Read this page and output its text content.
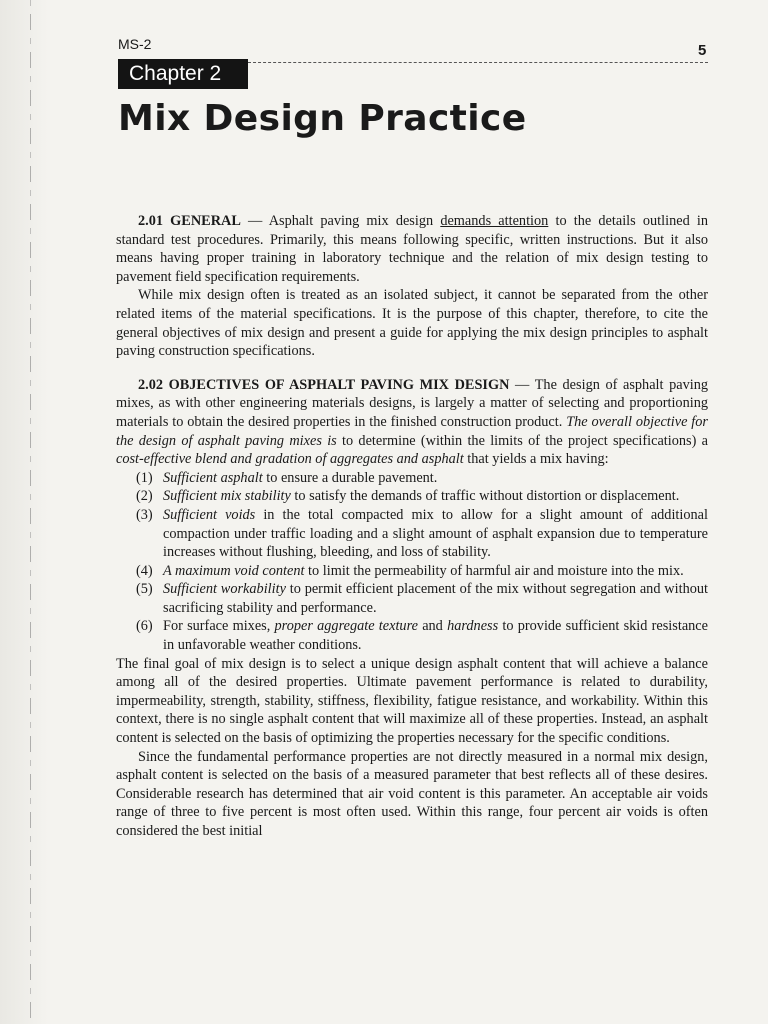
MS-2	5
Chapter 2
Mix Design Practice

2.01 GENERAL — Asphalt paving mix design demands attention to the details outlined in standard test procedures. Primarily, this means following specific, written instructions. But it also means having proper training in laboratory technique and the relation of mix design testing to pavement field specification requirements.

While mix design often is treated as an isolated subject, it cannot be separated from the other related items of the material specifications. It is the purpose of this chapter, therefore, to cite the general objectives of mix design and present a guide for applying the mix design principles to asphalt paving construction specifications.

2.02 OBJECTIVES OF ASPHALT PAVING MIX DESIGN — The design of asphalt paving mixes, as with other engineering materials designs, is largely a matter of selecting and proportioning materials to obtain the desired properties in the finished construction product. The overall objective for the design of asphalt paving mixes is to determine (within the limits of the project specifications) a cost-effective blend and gradation of aggregates and asphalt that yields a mix having:

(1) Sufficient asphalt to ensure a durable pavement.
(2) Sufficient mix stability to satisfy the demands of traffic without distortion or displacement.
(3) Sufficient voids in the total compacted mix to allow for a slight amount of additional compaction under traffic loading and a slight amount of asphalt expansion due to temperature increases without flushing, bleeding, and loss of stability.
(4) A maximum void content to limit the permeability of harmful air and moisture into the mix.
(5) Sufficient workability to permit efficient placement of the mix without segregation and without sacrificing stability and performance.
(6) For surface mixes, proper aggregate texture and hardness to provide sufficient skid resistance in unfavorable weather conditions.

The final goal of mix design is to select a unique design asphalt content that will achieve a balance among all of the desired properties. Ultimate pavement performance is related to durability, impermeability, strength, stability, stiffness, flexibility, fatigue resistance, and workability. Within this context, there is no single asphalt content that will maximize all of these properties. Instead, an asphalt content is selected on the basis of optimizing the properties necessary for the specific conditions.

Since the fundamental performance properties are not directly measured in a normal mix design, asphalt content is selected on the basis of a measured parameter that best reflects all of these desires. Considerable research has determined that air void content is this parameter. An acceptable air voids range of three to five percent is most often used. Within this range, four percent air voids is often considered the best initial
